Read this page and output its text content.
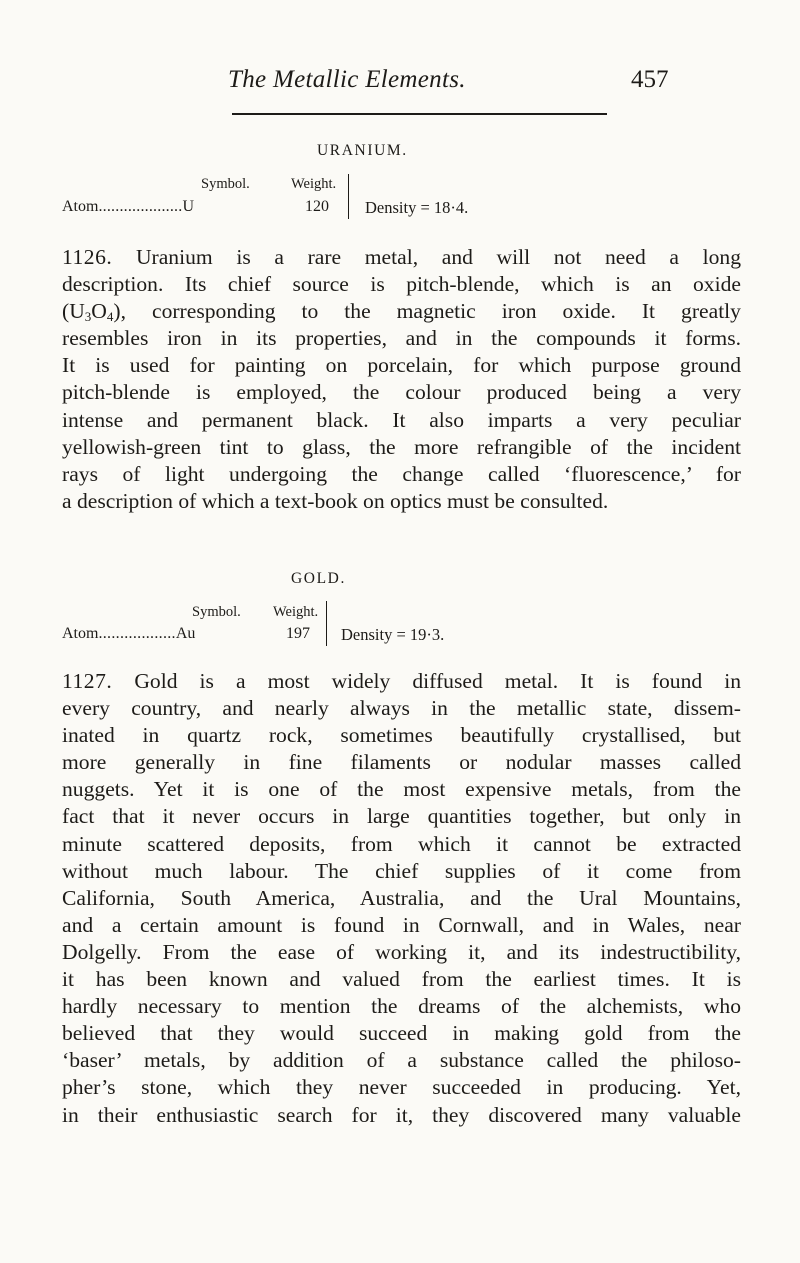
The Metallic Elements.	457
URANIUM.
Symbol.	Weight.
Atom....................U	120 Density = 18·4.
1126. Uranium is a rare metal, and will not need a long
description. Its chief source is pitch-blende, which is an oxide
$(U_3O_4)$, corresponding to the magnetic iron oxide. It greatly
resembles iron in its properties, and in the compounds it forms.
It is used for painting on porcelain, for which purpose ground
pitch-blende is employed, the colour produced being a very
intense and permanent black. It also imparts a very peculiar
yellowish-green tint to glass, the more refrangible of the incident
rays of light undergoing the change called ‘fluorescence,’ for
a description of which a text-book on optics must be consulted.
GOLD.
Symbol. Weight.
Atom..................Au	197 Density = 19·3.
1127. Gold is a most widely diffused metal. It is found in
every country, and nearly always in the metallic state, dissem-
inated in quartz rock, sometimes beautifully crystallised, but
more generally in fine filaments or nodular masses called
nuggets. Yet it is one of the most expensive metals, from the
fact that it never occurs in large quantities together, but only in
minute scattered deposits, from which it cannot be extracted
without much labour. The chief supplies of it come from
California, South America, Australia, and the Ural Mountains,
and a certain amount is found in Cornwall, and in Wales, near
Dolgelly. From the ease of working it, and its indestructibility,
it has been known and valued from the earliest times. It is
hardly necessary to mention the dreams of the alchemists, who
believed that they would succeed in making gold from the
‘baser’ metals, by addition of a substance called the philoso-
pher’s stone, which they never succeeded in producing. Yet,
in their enthusiastic search for it, they discovered many valuable
